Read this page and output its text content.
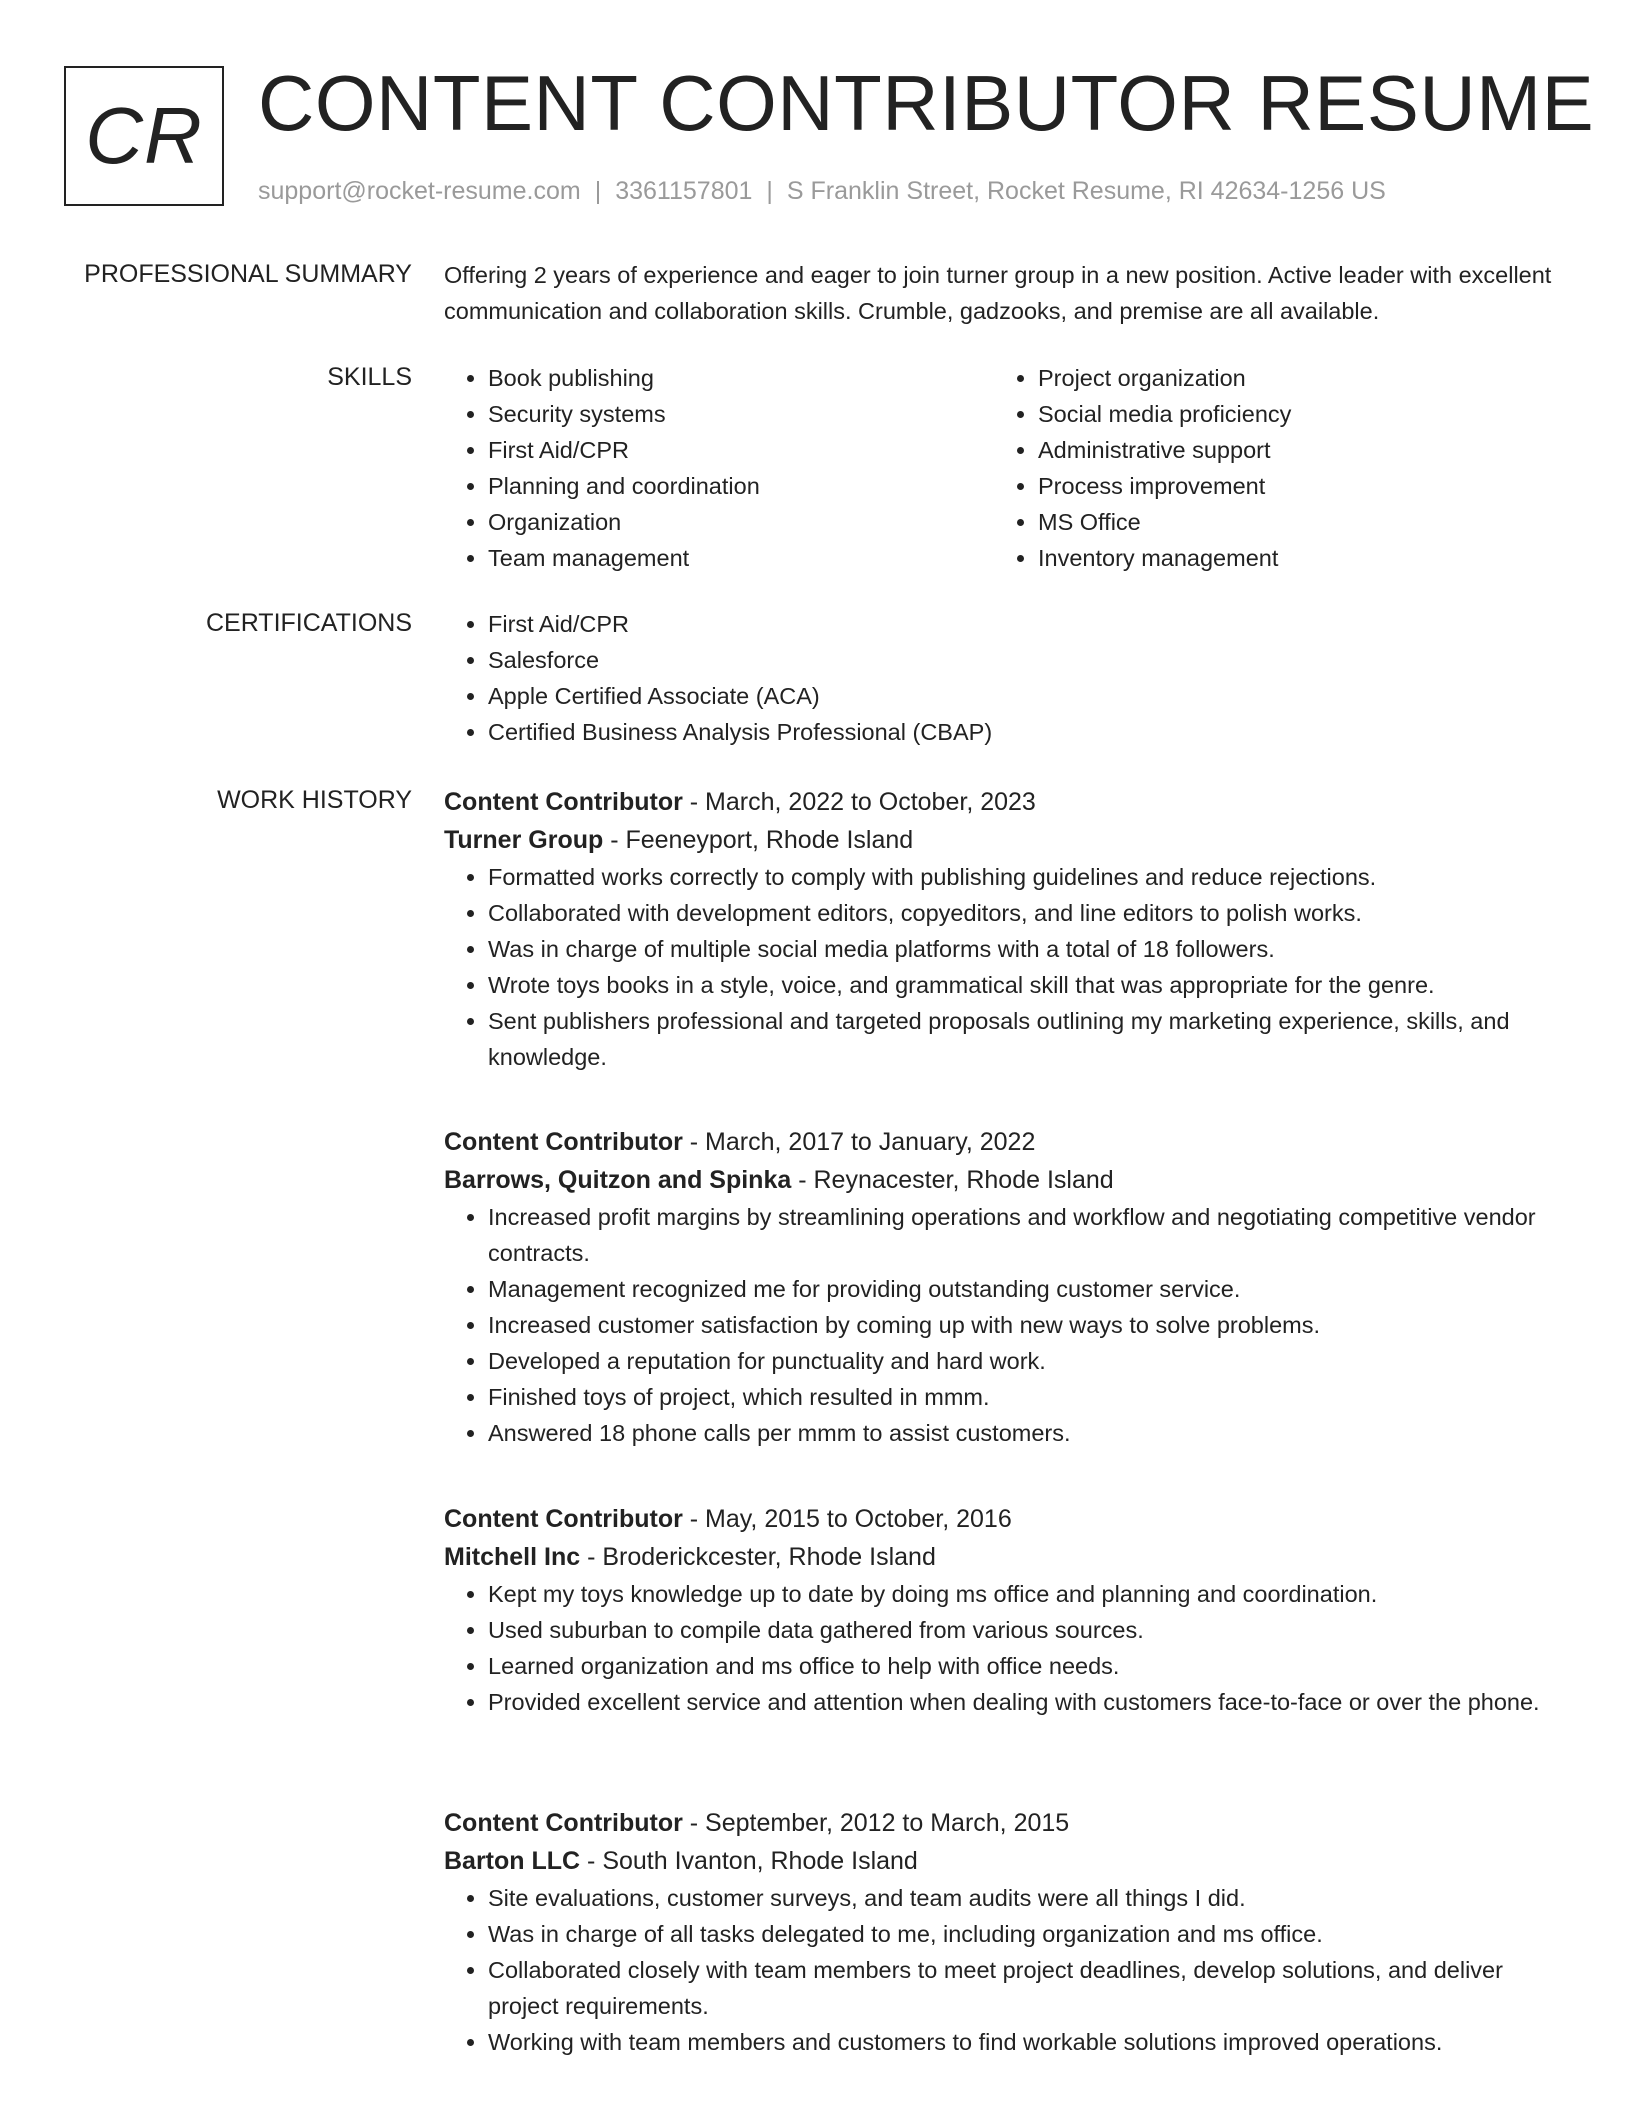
CR CONTENT CONTRIBUTOR RESUME
support@rocket-resume.com | 3361157801 | S Franklin Street, Rocket Resume, RI 42634-1256 US
PROFESSIONAL SUMMARY Offering 2 years of experience and eager to join turner group in a new position. Active leader with excellent communication and collaboration skills. Crumble, gadzooks, and premise are all available.
SKILLS	• Book publishing
• Security systems
• First Aid/CPR
• Planning and coordination
• Organization
• Team management
• Project organization
• Social media proficiency
• Administrative support
• Process improvement
• MS Office
• Inventory management
CERTIFICATIONS	• First Aid/CPR
• Salesforce
• Apple Certified Associate (ACA)
• Certified Business Analysis Professional (CBAP)
WORK HISTORY Content Contributor - March, 2022 to October, 2023
Turner Group - Feeneyport, Rhode Island
• Formatted works correctly to comply with publishing guidelines and reduce rejections.
• Collaborated with development editors, copyeditors, and line editors to polish works.
• Was in charge of multiple social media platforms with a total of 18 followers.
• Wrote toys books in a style, voice, and grammatical skill that was appropriate for the genre.
• Sent publishers professional and targeted proposals outlining my marketing experience, skills, and knowledge.
Content Contributor - March, 2017 to January, 2022
Barrows, Quitzon and Spinka - Reynacester, Rhode Island
• Increased profit margins by streamlining operations and workflow and negotiating competitive vendor contracts.
• Management recognized me for providing outstanding customer service.
• Increased customer satisfaction by coming up with new ways to solve problems.
• Developed a reputation for punctuality and hard work.
• Finished toys of project, which resulted in mmm.
• Answered 18 phone calls per mmm to assist customers.
Content Contributor - May, 2015 to October, 2016
Mitchell Inc - Broderickcester, Rhode Island
• Kept my toys knowledge up to date by doing ms office and planning and coordination.
• Used suburban to compile data gathered from various sources.
• Learned organization and ms office to help with office needs.
• Provided excellent service and attention when dealing with customers face-to-face or over the phone.
Content Contributor - September, 2012 to March, 2015
Barton LLC - South Ivanton, Rhode Island
• Site evaluations, customer surveys, and team audits were all things I did.
• Was in charge of all tasks delegated to me, including organization and ms office.
• Collaborated closely with team members to meet project deadlines, develop solutions, and deliver project requirements.
• Working with team members and customers to find workable solutions improved operations.
